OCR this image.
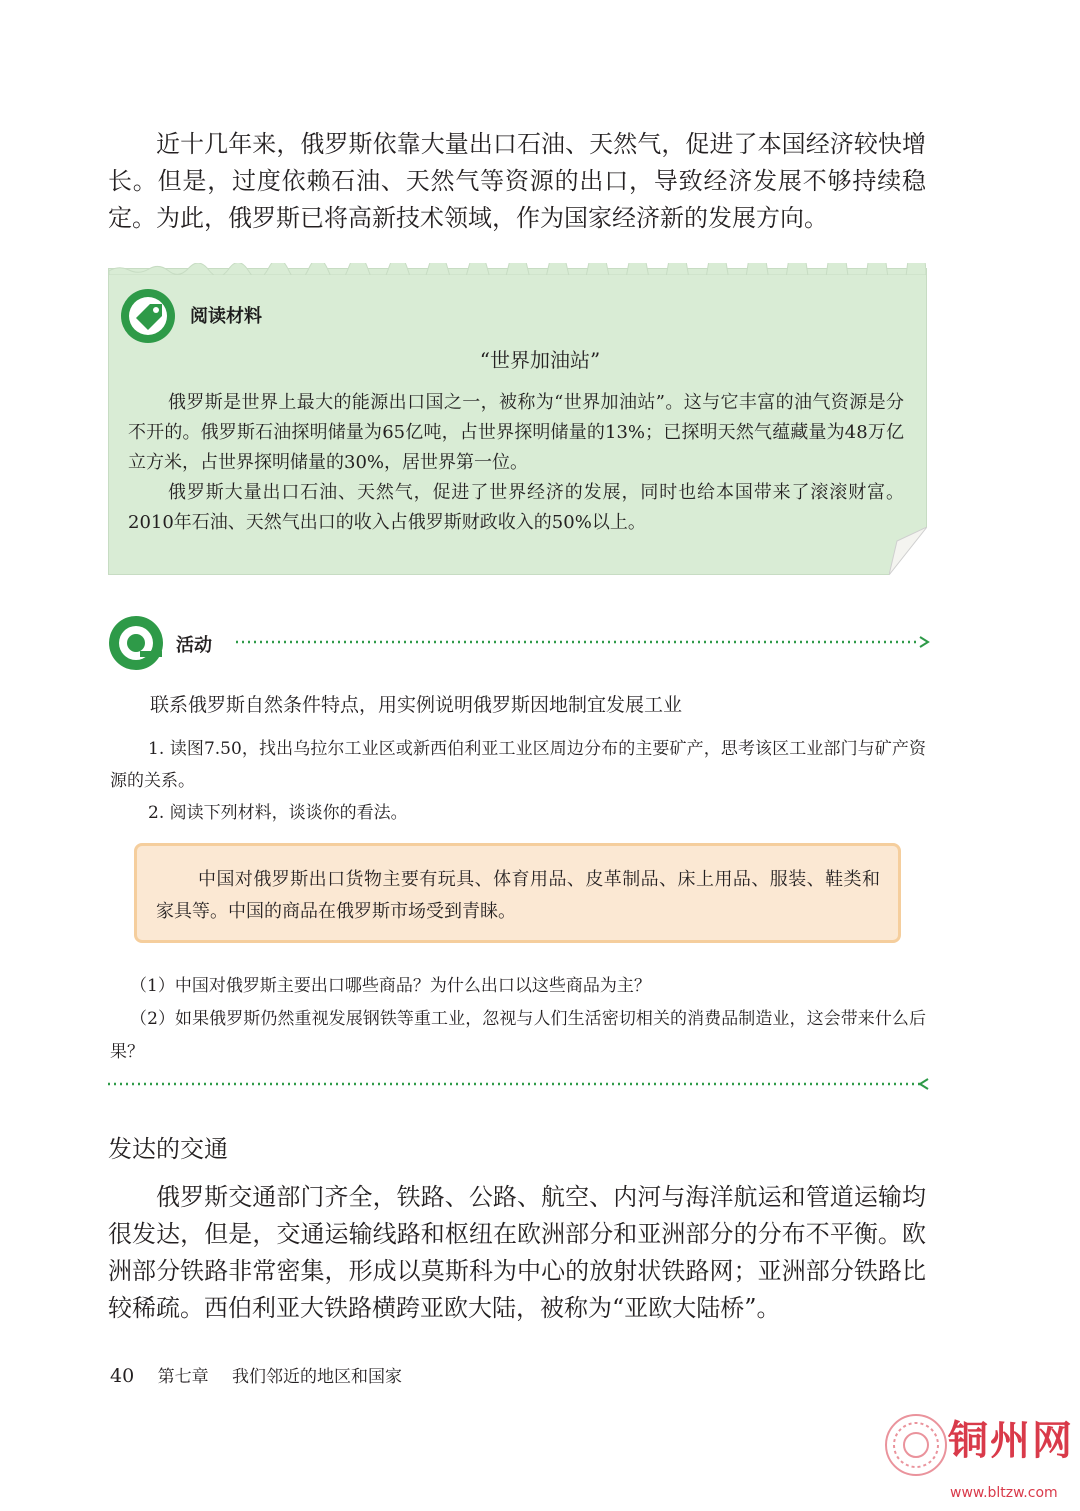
近十几年来，俄罗斯依靠大量出口石油、天然气，促进了本国经济较快增长。但是，过度依赖石油、天然气等资源的出口，导致经济发展不够持续稳定。为此，俄罗斯已将高新技术领域，作为国家经济新的发展方向。
阅读材料
“世界加油站”

俄罗斯是世界上最大的能源出口国之一，被称为“世界加油站”。这与它丰富的油气资源是分不开的。俄罗斯石油探明储量为65亿吨，占世界探明储量的13%；已探明天然气蕴藏量为48万亿立方米，占世界探明储量的30%，居世界第一位。

俄罗斯大量出口石油、天然气，促进了世界经济的发展，同时也给本国带来了滚滚财富。2010年石油、天然气出口的收入占俄罗斯财政收入的50%以上。

活动
联系俄罗斯自然条件特点，用实例说明俄罗斯因地制宜发展工业

1. 读图7.50，找出乌拉尔工业区或新西伯利亚工业区周边分布的主要矿产，思考该区工业部门与矿产资源的关系。

2. 阅读下列材料，谈谈你的看法。

中国对俄罗斯出口货物主要有玩具、体育用品、皮革制品、床上用品、服装、鞋类和家具等。中国的商品在俄罗斯市场受到青睐。

（1）中国对俄罗斯主要出口哪些商品？为什么出口以这些商品为主？

（2）如果俄罗斯仍然重视发展钢铁等重工业，忽视与人们生活密切相关的消费品制造业，这会带来什么后果？

发达的交通
俄罗斯交通部门齐全，铁路、公路、航空、内河与海洋航运和管道运输均很发达，但是，交通运输线路和枢纽在欧洲部分和亚洲部分的分布不平衡。欧洲部分铁路非常密集，形成以莫斯科为中心的放射状铁路网；亚洲部分铁路比较稀疏。西伯利亚大铁路横跨亚欧大陆，被称为“亚欧大陆桥”。
40 第七章 我们邻近的地区和国家
铜州网
www.bltzw.com
